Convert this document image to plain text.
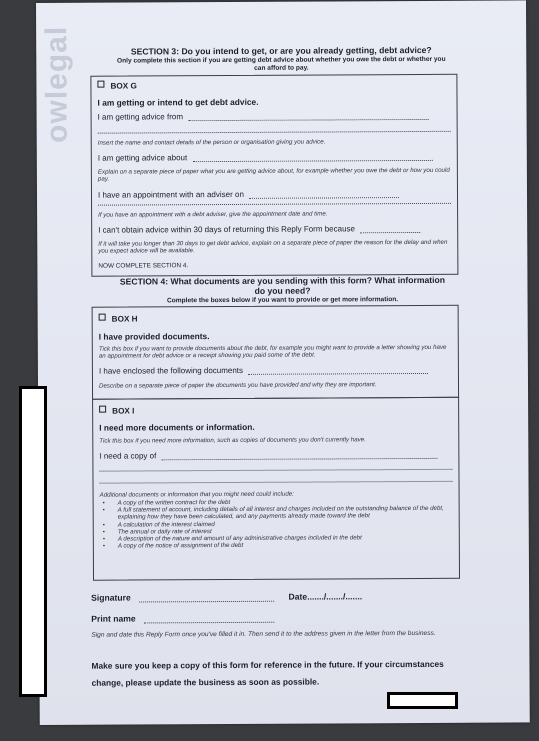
owlegal	SECTION 3: Do you intend to get, or are you already getting, debt advice?
Only complete this section if you are getting debt advice about whether you owe the debt or whether you can afford to pay.
BOX G
I am getting or intend to get debt advice.
I am getting advice from
Insert the name and contact details of the person or organisation giving you advice.
I am getting advice about
Explain on a separate piece of paper what you are getting advice about, for example whether you owe the debt or how you could pay.
I have an appointment with an adviser on
If you have an appointment with a debt adviser, give the appointment date and time.
I can't obtain advice within 30 days of returning this Reply Form because
If it will take you longer than 30 days to get debt advice, explain on a separate piece of paper the reason for the delay and when you expect advice will be available.
NOW COMPLETE SECTION 4.
SECTION 4: What documents are you sending with this form? What information
do you need?
Complete the boxes below if you want to provide or get more information.
BOX H
I have provided documents.
Tick this box if you want to provide documents about the debt, for example you might want to provide a letter showing you have an appointment for debt advice or a receipt showing you paid some of the debt.
I have enclosed the following documents
Describe on a separate piece of paper the documents you have provided and why they are important.
BOX I
I need more documents or information.
Tick this box if you need more information, such as copies of documents you don't currently have.
I need a copy of
Additional documents or information that you might need could include:
• A copy of the written contract for the debt
• A full statement of account, including details of all interest and charges included on the outstanding balance of the debt, explaining how they have been calculated, and any payments already made toward the debt
• A calculation of the interest claimed
• The annual or daily rate of interest
• A description of the nature and amount of any administrative charges included in the debt
• A copy of the notice of assignment of the debt
Signature	Date......./......./.......
Print name
Sign and date this Reply Form once you've filled it in. Then send it to the address given in the letter from the business.
Make sure you keep a copy of this form for reference in the future. If your circumstances change, please update the business as soon as possible.
